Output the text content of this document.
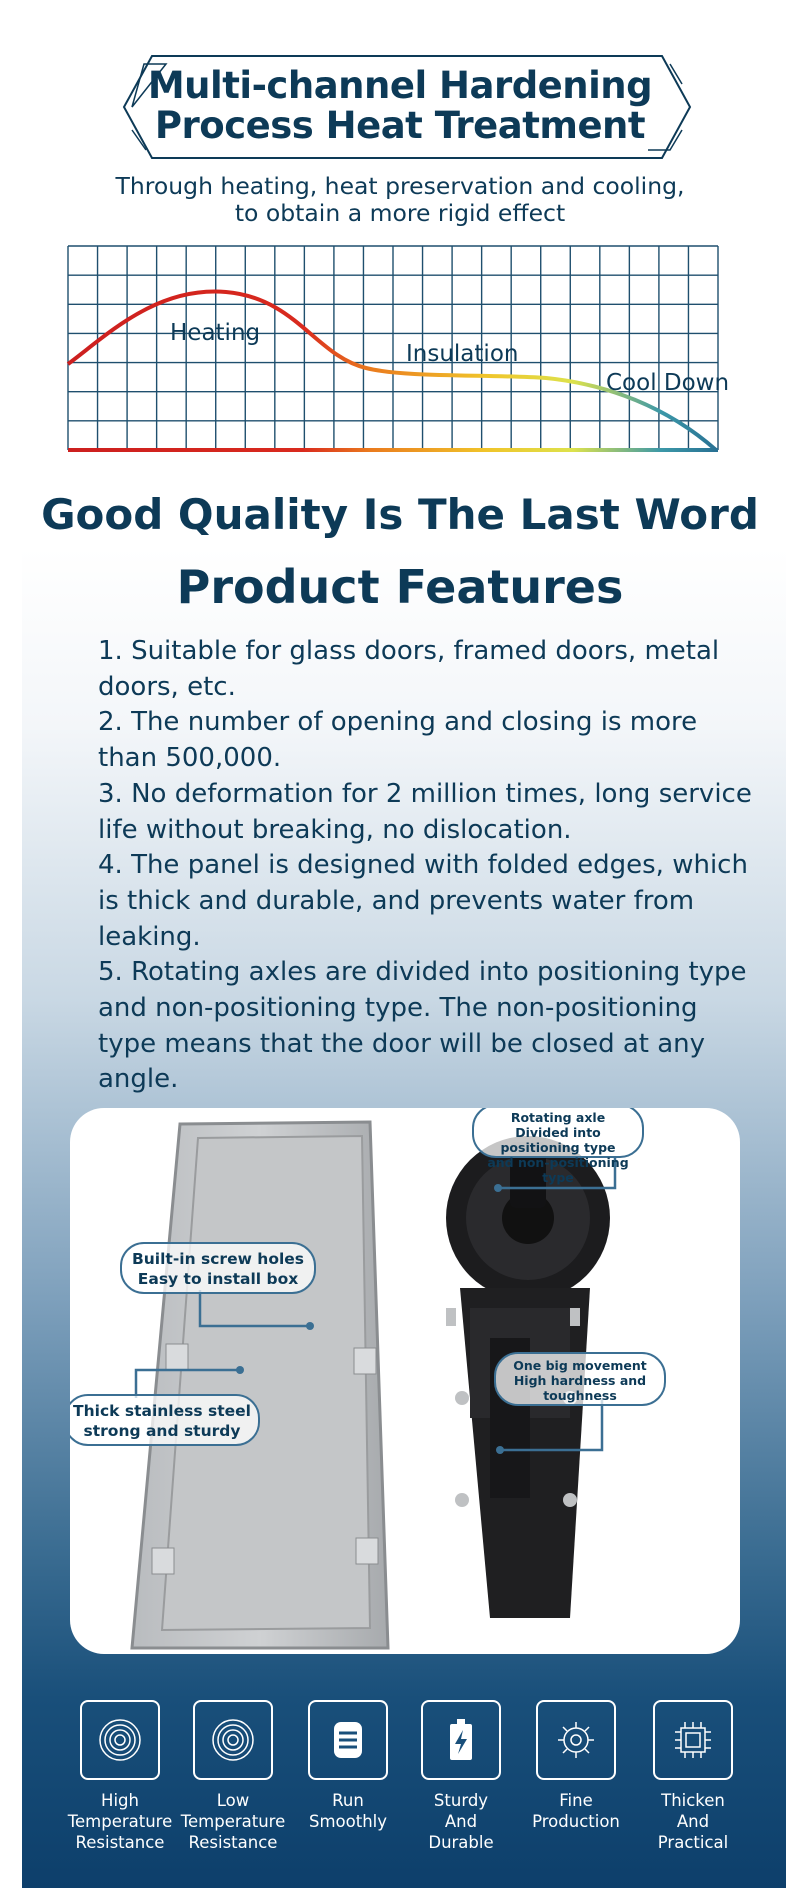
Multi-channel Hardening
Process Heat Treatment
Through heating, heat preservation and cooling,
to obtain a more rigid effect
Heating
Insulation
Cool Down
Good Quality Is The Last Word
Product Features

1. Suitable for glass doors, framed doors, metal doors, etc.

2. The number of opening and closing is more than 500,000.

3. No deformation for 2 million times, long service life without breaking, no dislocation.

4. The panel is designed with folded edges, which is thick and durable, and prevents water from leaking.

5. Rotating axles are divided into positioning type and non-positioning type. The non-positioning type means that the door will be closed at any angle.

Rotating axle
Divided into positioning type
and non-positioning type
Built-in screw holes
Easy to install box
One big movement
High hardness and
toughness
Thick stainless steel
strong and sturdy
High
Temperature
Resistance
Low
Temperature
Resistance
Run
Smoothly
Sturdy
And
Durable
Fine
Production
Thicken
And
Practical
